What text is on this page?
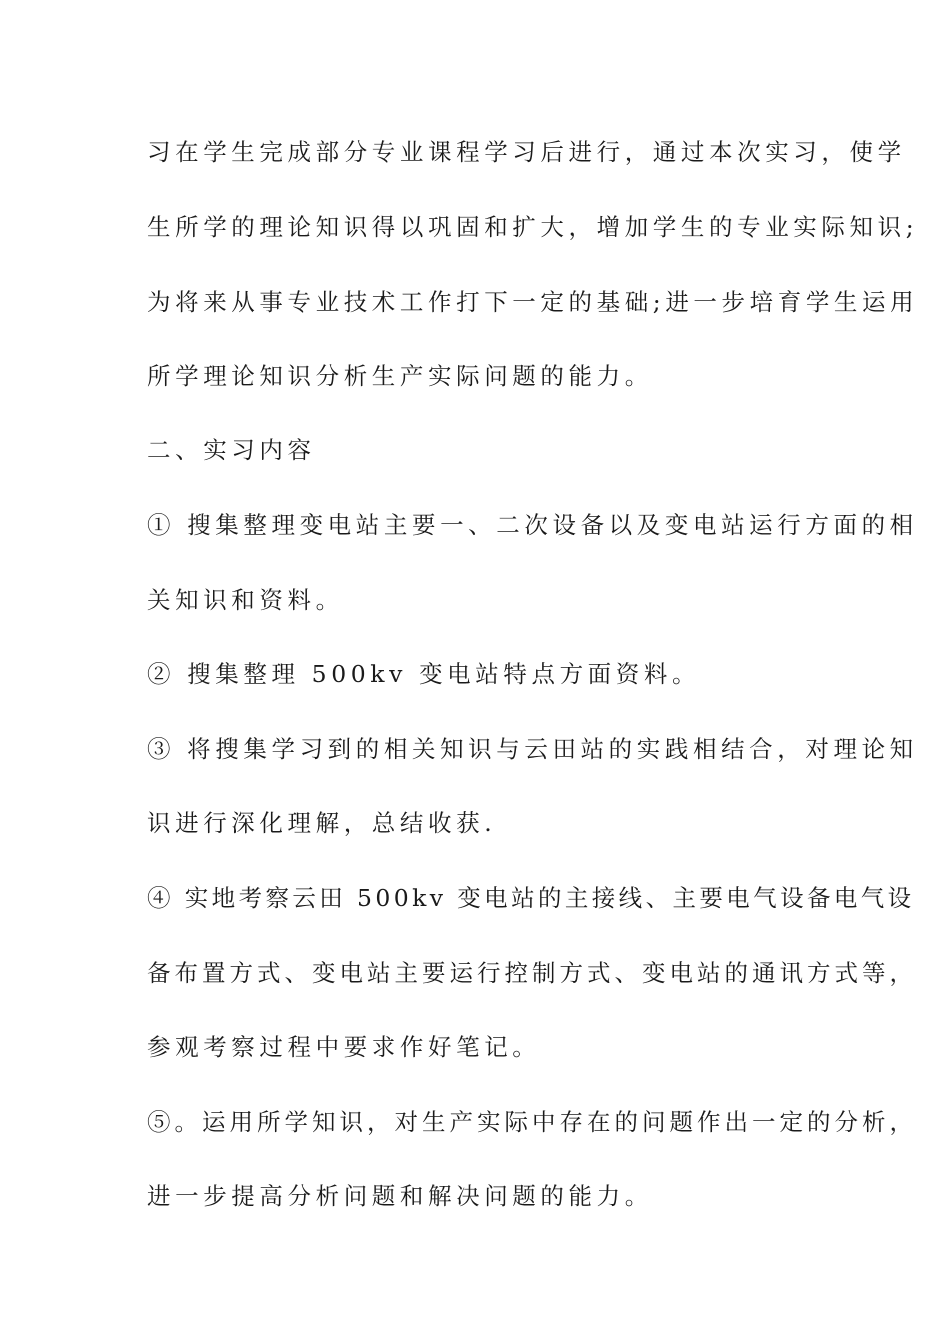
习在学生完成部分专业课程学习后进行，通过本次实习，使学
生所学的理论知识得以巩固和扩大，增加学生的专业实际知识;
为将来从事专业技术工作打下一定的基础;进一步培育学生运用
所学理论知识分析生产实际问题的能力。
二、实习内容
① 搜集整理变电站主要一、二次设备以及变电站运行方面的相
关知识和资料。
② 搜集整理 500kv 变电站特点方面资料。
③ 将搜集学习到的相关知识与云田站的实践相结合，对理论知
识进行深化理解，总结收获.
④ 实地考察云田 500kv 变电站的主接线、主要电气设备电气设
备布置方式、变电站主要运行控制方式、变电站的通讯方式等，
参观考察过程中要求作好笔记。
⑤。运用所学知识，对生产实际中存在的问题作出一定的分析，
进一步提高分析问题和解决问题的能力。
